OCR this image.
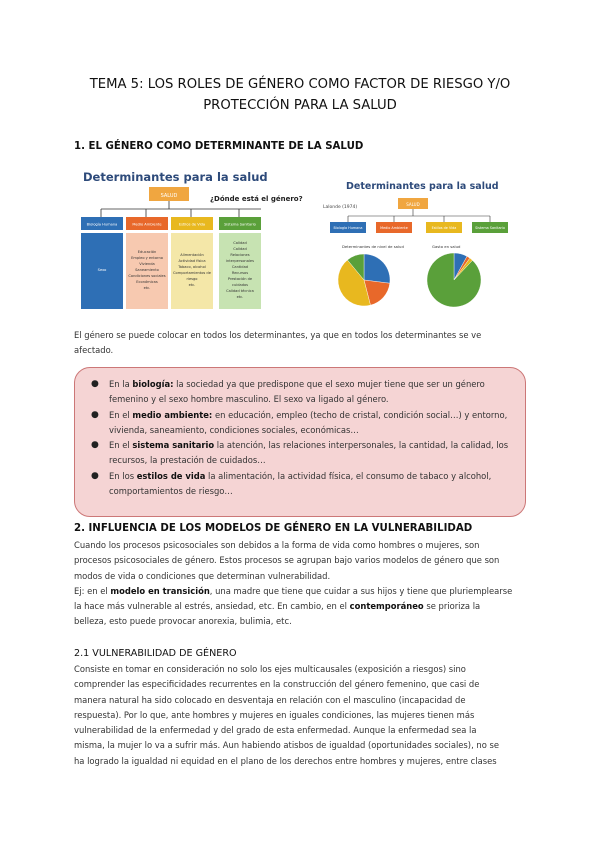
TEMA 5: LOS ROLES DE GÉNERO COMO FACTOR DE RIESGO Y/O
PROTECCIÓN PARA LA SALUD
1. EL GÉNERO COMO DETERMINANTE DE LA SALUD
Determinantes para la salud
SALUD	¿Dónde está el género?
Biología Humana
Sexo
Medio Ambiente
Educación
Empleo y entorno
Vivienda
Saneamiento
Condiciones sociales
Económicas
etc.
Estilos de Vida
Alimentación
Actividad física
Tabaco, alcohol
Comportamientos de
riesgo
etc.
Sistema Sanitario
Calidad
Calidad
Relaciones
interpersonales
Cantidad
Recursos
Prestación de
cuidados
Calidad técnica
etc.
Determinantes para la salud
Lalonde (1974)
SALUD
Biología Humana	Medio Ambiente	Estilos de Vida	Sistema Sanitario
Determinantes de nivel de salud	Gasto en salud

El género se puede colocar en todos los determinantes, ya que en todos los determinantes se ve

afectado.

● En la biología: la sociedad ya que predispone que el sexo mujer tiene que ser un género
femenino y el sexo hombre masculino. El sexo va ligado al género.
● En el medio ambiente: en educación, empleo (techo de cristal, condición social…) y entorno,
vivienda, saneamiento, condiciones sociales, económicas…
● En el sistema sanitario la atención, las relaciones interpersonales, la cantidad, la calidad, los
recursos, la prestación de cuidados…
● En los estilos de vida la alimentación, la actividad física, el consumo de tabaco y alcohol,
comportamientos de riesgo…
2. INFLUENCIA DE LOS MODELOS DE GÉNERO EN LA VULNERABILIDAD

Cuando los procesos psicosociales son debidos a la forma de vida como hombres o mujeres, son

procesos psicosociales de género. Estos procesos se agrupan bajo varios modelos de género que son

modos de vida o condiciones que determinan vulnerabilidad.

Ej: en el modelo en transición, una madre que tiene que cuidar a sus hijos y tiene que pluriemplearse

la hace más vulnerable al estrés, ansiedad, etc. En cambio, en el contemporáneo se prioriza la

belleza, esto puede provocar anorexia, bulimia, etc.

2.1 VULNERABILIDAD DE GÉNERO

Consiste en tomar en consideración no solo los ejes multicausales (exposición a riesgos) sino

comprender las especificidades recurrentes en la construcción del género femenino, que casi de

manera natural ha sido colocado en desventaja en relación con el masculino (incapacidad de

respuesta). Por lo que, ante hombres y mujeres en iguales condiciones, las mujeres tienen más

vulnerabilidad de la enfermedad y del grado de esta enfermedad. Aunque la enfermedad sea la

misma, la mujer lo va a sufrir más. Aun habiendo atisbos de igualdad (oportunidades sociales), no se

ha logrado la igualdad ni equidad en el plano de los derechos entre hombres y mujeres, entre clases
